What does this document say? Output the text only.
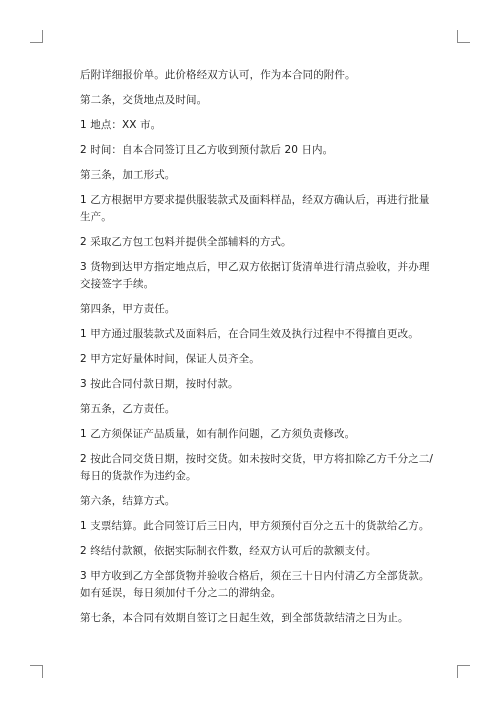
后附详细报价单。此价格经双方认可，作为本合同的附件。

第二条，交货地点及时间。

1 地点：XX 市。

2 时间：自本合同签订且乙方收到预付款后 20 日内。

第三条，加工形式。

1 乙方根据甲方要求提供服装款式及面料样品，经双方确认后，再进行批量生产。

2 采取乙方包工包料并提供全部辅料的方式。

3 货物到达甲方指定地点后，甲乙双方依据订货清单进行清点验收，并办理交接签字手续。

第四条，甲方责任。

1 甲方通过服装款式及面料后，在合同生效及执行过程中不得擅自更改。

2 甲方定好量体时间，保证人员齐全。

3 按此合同付款日期，按时付款。

第五条，乙方责任。

1 乙方须保证产品质量，如有制作问题，乙方须负责修改。

2 按此合同交货日期，按时交货。如未按时交货，甲方将扣除乙方千分之二/每日的货款作为违约金。

第六条，结算方式。

1 支票结算。此合同签订后三日内，甲方须预付百分之五十的货款给乙方。

2 终结付款额，依据实际制衣件数，经双方认可后的款额支付。

3 甲方收到乙方全部货物并验收合格后，须在三十日内付清乙方全部货款。如有延误，每日须加付千分之二的滞纳金。

第七条，本合同有效期自签订之日起生效，到全部货款结清之日为止。
